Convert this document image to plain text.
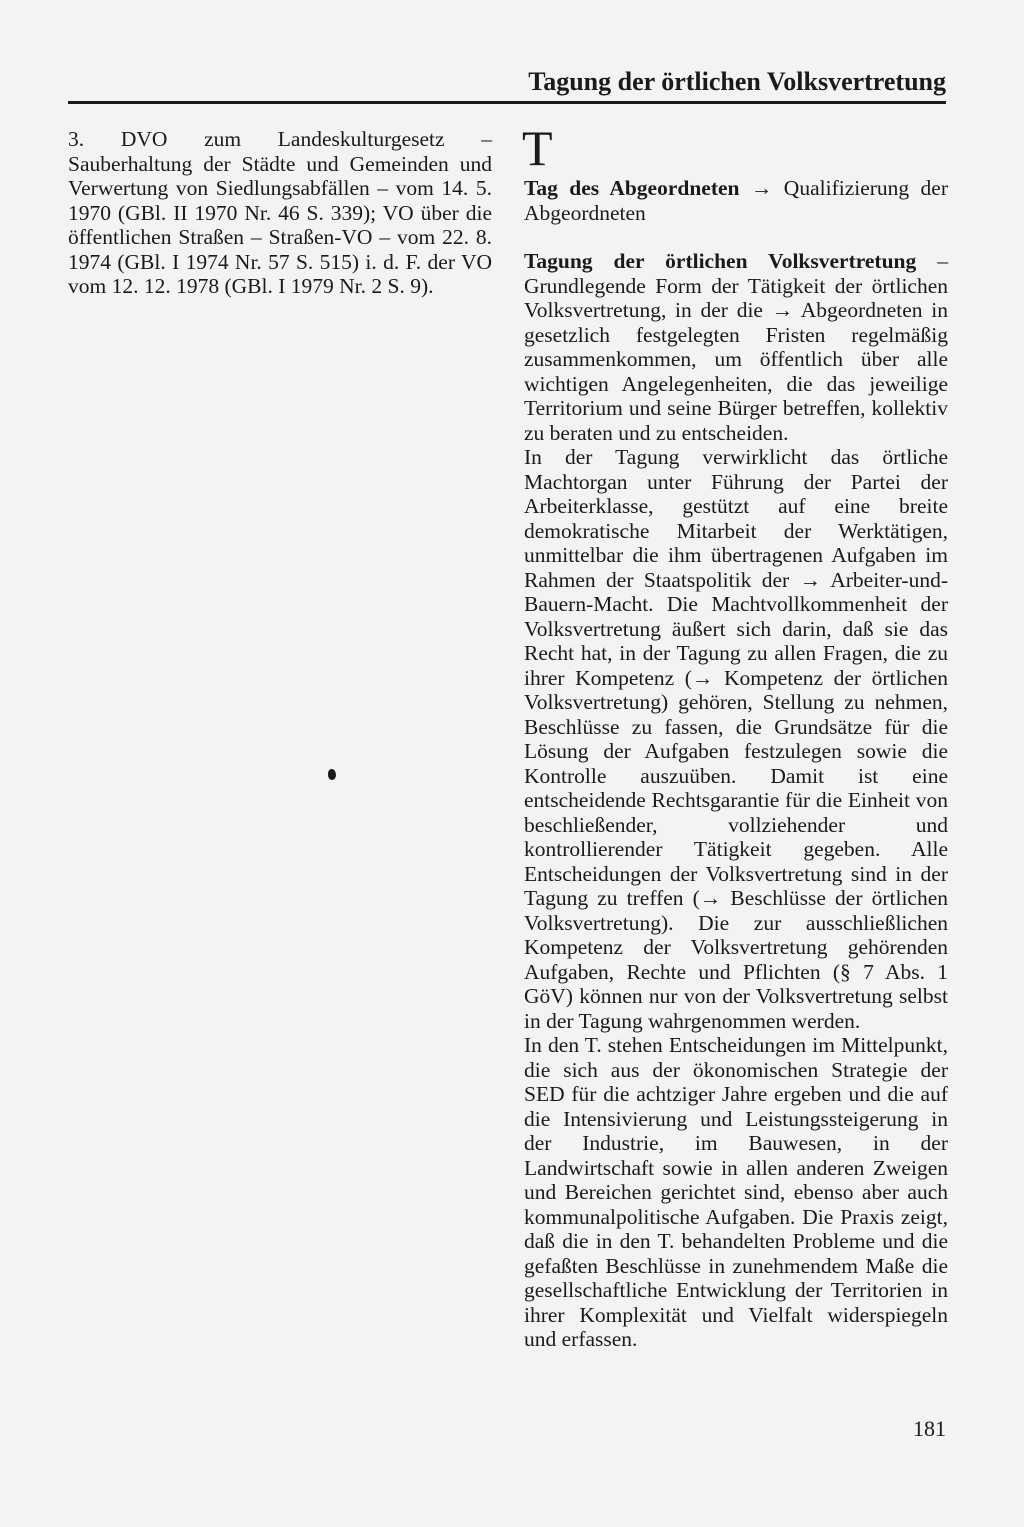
Tagung der örtlichen Volksvertretung

3. DVO zum Landeskulturgesetz – Sauberhaltung der Städte und Gemeinden und Verwertung von Siedlungsabfällen – vom 14. 5. 1970 (GBl. II 1970 Nr. 46 S. 339); VO über die öffentlichen Straßen – Straßen-VO – vom 22. 8. 1974 (GBl. I 1974 Nr. 57 S. 515) i. d. F. der VO vom 12. 12. 1978 (GBl. I 1979 Nr. 2 S. 9).

T

Tag des Abgeordneten → Qualifizierung der Abgeordneten

Tagung der örtlichen Volksvertretung – Grundlegende Form der Tätigkeit der örtlichen Volksvertretung, in der die → Abgeordneten in gesetzlich festgelegten Fristen regelmäßig zusammenkommen, um öffentlich über alle wichtigen Angelegenheiten, die das jeweilige Territorium und seine Bürger betreffen, kollektiv zu beraten und zu entscheiden.

In der Tagung verwirklicht das örtliche Machtorgan unter Führung der Partei der Arbeiterklasse, gestützt auf eine breite demokratische Mitarbeit der Werktätigen, unmittelbar die ihm übertragenen Aufgaben im Rahmen der Staatspolitik der → Arbeiter-und-Bauern-Macht. Die Machtvollkommenheit der Volksvertretung äußert sich darin, daß sie das Recht hat, in der Tagung zu allen Fragen, die zu ihrer Kompetenz (→ Kompetenz der örtlichen Volksvertretung) gehören, Stellung zu nehmen, Beschlüsse zu fassen, die Grundsätze für die Lösung der Aufgaben festzulegen sowie die Kontrolle auszuüben. Damit ist eine entscheidende Rechtsgarantie für die Einheit von beschließender, vollziehender und kontrollierender Tätigkeit gegeben. Alle Entscheidungen der Volksvertretung sind in der Tagung zu treffen (→ Beschlüsse der örtlichen Volksvertretung). Die zur ausschließlichen Kompetenz der Volksvertretung gehörenden Aufgaben, Rechte und Pflichten (§ 7 Abs. 1 GöV) können nur von der Volksvertretung selbst in der Tagung wahrgenommen werden.

In den T. stehen Entscheidungen im Mittelpunkt, die sich aus der ökonomischen Strategie der SED für die achtziger Jahre ergeben und die auf die Intensivierung und Leistungssteigerung in der Industrie, im Bauwesen, in der Landwirtschaft sowie in allen anderen Zweigen und Bereichen gerichtet sind, ebenso aber auch kommunalpolitische Aufgaben. Die Praxis zeigt, daß die in den T. behandelten Probleme und die gefaßten Beschlüsse in zunehmendem Maße die gesellschaftliche Entwicklung der Territorien in ihrer Komplexität und Vielfalt widerspiegeln und erfassen.

181
